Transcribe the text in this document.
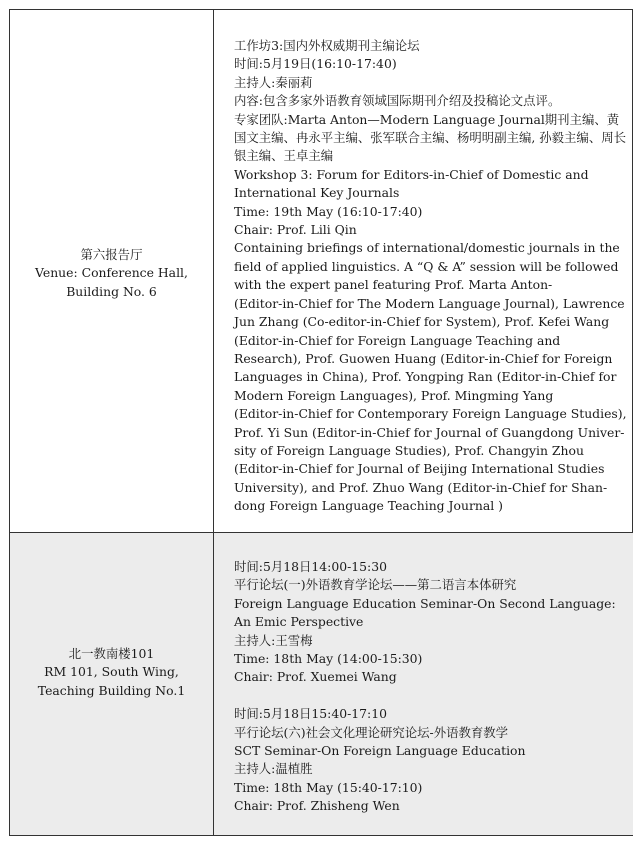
第六报告厅
Venue: Conference Hall,
Building No. 6
工作坊3:国内外权威期刊主编论坛
时间:5月19日(16:10-17:40)
主持人:秦丽莉
内容:包含多家外语教育领域国际期刊介绍及投稿论文点评。
专家团队:Marta Anton—Modern Language Journal期刊主编、黄
国文主编、冉永平主编、张军联合主编、杨明明副主编, 孙毅主编、周长
银主编、王卓主编
Workshop 3: Forum for Editors-in-Chief of Domestic and
International Key Journals
Time: 19th May (16:10-17:40)
Chair: Prof. Lili Qin
Containing briefings of international/domestic journals in the
field of applied linguistics. A “Q & A” session will be followed
with the expert panel featuring Prof. Marta Anton-
(Editor-in-Chief for The Modern Language Journal), Lawrence
Jun Zhang (Co-editor-in-Chief for System), Prof. Kefei Wang
(Editor-in-Chief for Foreign Language Teaching and
Research), Prof. Guowen Huang (Editor-in-Chief for Foreign
Languages in China), Prof. Yongping Ran (Editor-in-Chief for
Modern Foreign Languages), Prof. Mingming Yang
(Editor-in-Chief for Contemporary Foreign Language Studies),
Prof. Yi Sun (Editor-in-Chief for Journal of Guangdong Univer-
sity of Foreign Language Studies), Prof. Changyin Zhou
(Editor-in-Chief for Journal of Beijing International Studies
University), and Prof. Zhuo Wang (Editor-in-Chief for Shan-
dong Foreign Language Teaching Journal )
北一教南楼101
RM 101, South Wing,
Teaching Building No.1
时间:5月18日14:00-15:30
平行论坛(一)外语教育学论坛——第二语言本体研究
Foreign Language Education Seminar-On Second Language:
An Emic Perspective
主持人:王雪梅
Time: 18th May (14:00-15:30)
Chair: Prof. Xuemei Wang
时间:5月18日15:40-17:10
平行论坛(六)社会文化理论研究论坛-外语教育教学
SCT Seminar-On Foreign Language Education
主持人:温植胜
Time: 18th May (15:40-17:10)
Chair: Prof. Zhisheng Wen
